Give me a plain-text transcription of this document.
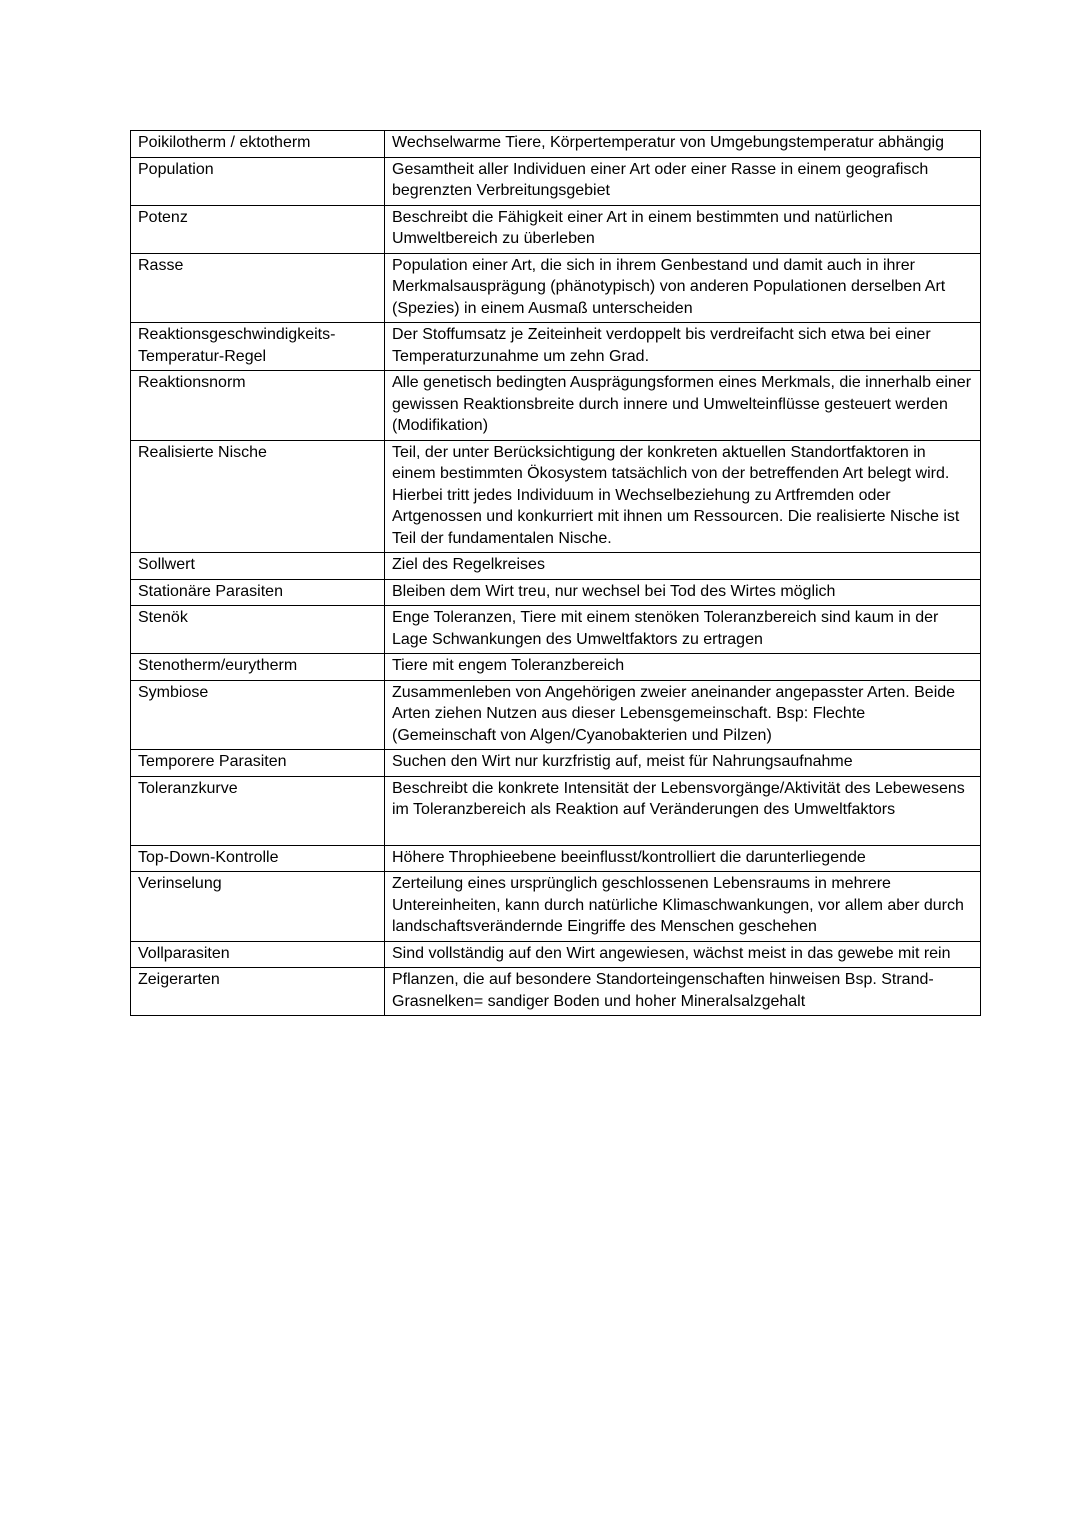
Poikilotherm / ektotherm	Wechselwarme Tiere, Körpertemperatur von Umgebungstemperatur abhängig
Population	Gesamtheit aller Individuen einer Art oder einer Rasse in einem geografisch begrenzten Verbreitungsgebiet
Potenz	Beschreibt die Fähigkeit einer Art in einem bestimmten und natürlichen Umweltbereich zu überleben
Rasse	Population einer Art, die sich in ihrem Genbestand und damit auch in ihrer Merkmalsausprägung (phänotypisch) von anderen Populationen derselben Art (Spezies) in einem Ausmaß unterscheiden
Reaktionsgeschwindigkeits-Temperatur-Regel	Der Stoffumsatz je Zeiteinheit verdoppelt bis verdreifacht sich etwa bei einer Temperaturzunahme um zehn Grad.
Reaktionsnorm	Alle genetisch bedingten Ausprägungsformen eines Merkmals, die innerhalb einer gewissen Reaktionsbreite durch innere und Umwelteinflüsse gesteuert werden (Modifikation)
Realisierte Nische	Teil, der unter Berücksichtigung der konkreten aktuellen Standortfaktoren in einem bestimmten Ökosystem tatsächlich von der betreffenden Art belegt wird. Hierbei tritt jedes Individuum in Wechselbeziehung zu Artfremden oder Artgenossen und konkurriert mit ihnen um Ressourcen. Die realisierte Nische ist Teil der fundamentalen Nische.
Sollwert	Ziel des Regelkreises
Stationäre Parasiten	Bleiben dem Wirt treu, nur wechsel bei Tod des Wirtes möglich
Stenök	Enge Toleranzen, Tiere mit einem stenöken Toleranzbereich sind kaum in der Lage Schwankungen des Umweltfaktors zu ertragen
Stenotherm/eurytherm	Tiere mit engem Toleranzbereich
Symbiose	Zusammenleben von Angehörigen zweier aneinander angepasster Arten. Beide Arten ziehen Nutzen aus dieser Lebensgemeinschaft. Bsp: Flechte (Gemeinschaft von Algen/Cyanobakterien und Pilzen)
Temporere Parasiten	Suchen den Wirt nur kurzfristig auf, meist für Nahrungsaufnahme
Toleranzkurve	Beschreibt die konkrete Intensität der Lebensvorgänge/Aktivität des Lebewesens im Toleranzbereich als Reaktion auf Veränderungen des Umweltfaktors
Top-Down-Kontrolle	Höhere Throphieebene beeinflusst/kontrolliert die darunterliegende
Verinselung	Zerteilung eines ursprünglich geschlossenen Lebensraums in mehrere Untereinheiten, kann durch natürliche Klimaschwankungen, vor allem aber durch landschaftsverändernde Eingriffe des Menschen geschehen
Vollparasiten	Sind vollständig auf den Wirt angewiesen, wächst meist in das gewebe mit rein
Zeigerarten	Pflanzen, die auf besondere Standorteingenschaften hinweisen Bsp. Strand-Grasnelken= sandiger Boden und hoher Mineralsalzgehalt
